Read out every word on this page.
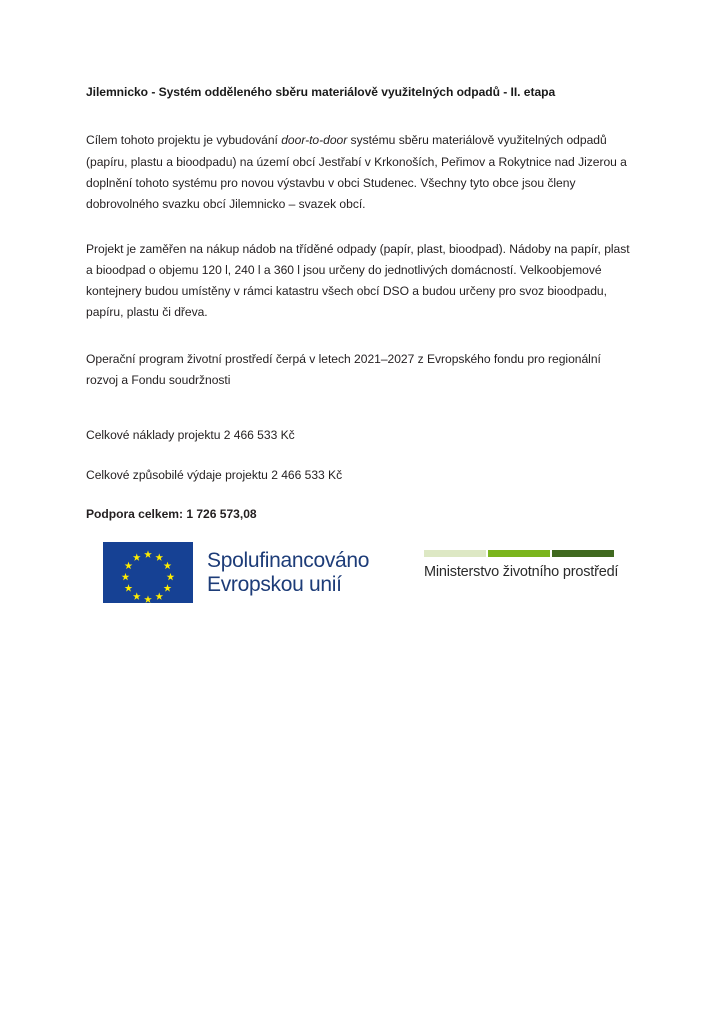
Jilemnicko - Systém odděleného sběru materiálově využitelných odpadů - II. etapa

Cílem tohoto projektu je vybudování door-to-door systému sběru materiálově využitelných odpadů (papíru, plastu a bioodpadu) na území obcí Jestřabí v Krkonoších, Peřimov a Rokytnice nad Jizerou a doplnění tohoto systému pro novou výstavbu v obci Studenec. Všechny tyto obce jsou členy dobrovolného svazku obcí Jilemnicko – svazek obcí.

Projekt je zaměřen na nákup nádob na tříděné odpady (papír, plast, bioodpad). Nádoby na papír, plast a bioodpad o objemu 120 l, 240 l a 360 l jsou určeny do jednotlivých domácností. Velkoobjemové kontejnery budou umístěny v rámci katastru všech obcí DSO a budou určeny pro svoz bioodpadu, papíru, plastu či dřeva.

Operační program životní prostředí čerpá v letech 2021–2027 z Evropského fondu pro regionální rozvoj a Fondu soudržnosti

Celkové náklady projektu 2 466 533 Kč

Celkové způsobilé výdaje projektu 2 466 533 Kč

Podpora celkem: 1 726 573,08

Spolufinancováno
Evropskou unií
Ministerstvo životního prostředí
